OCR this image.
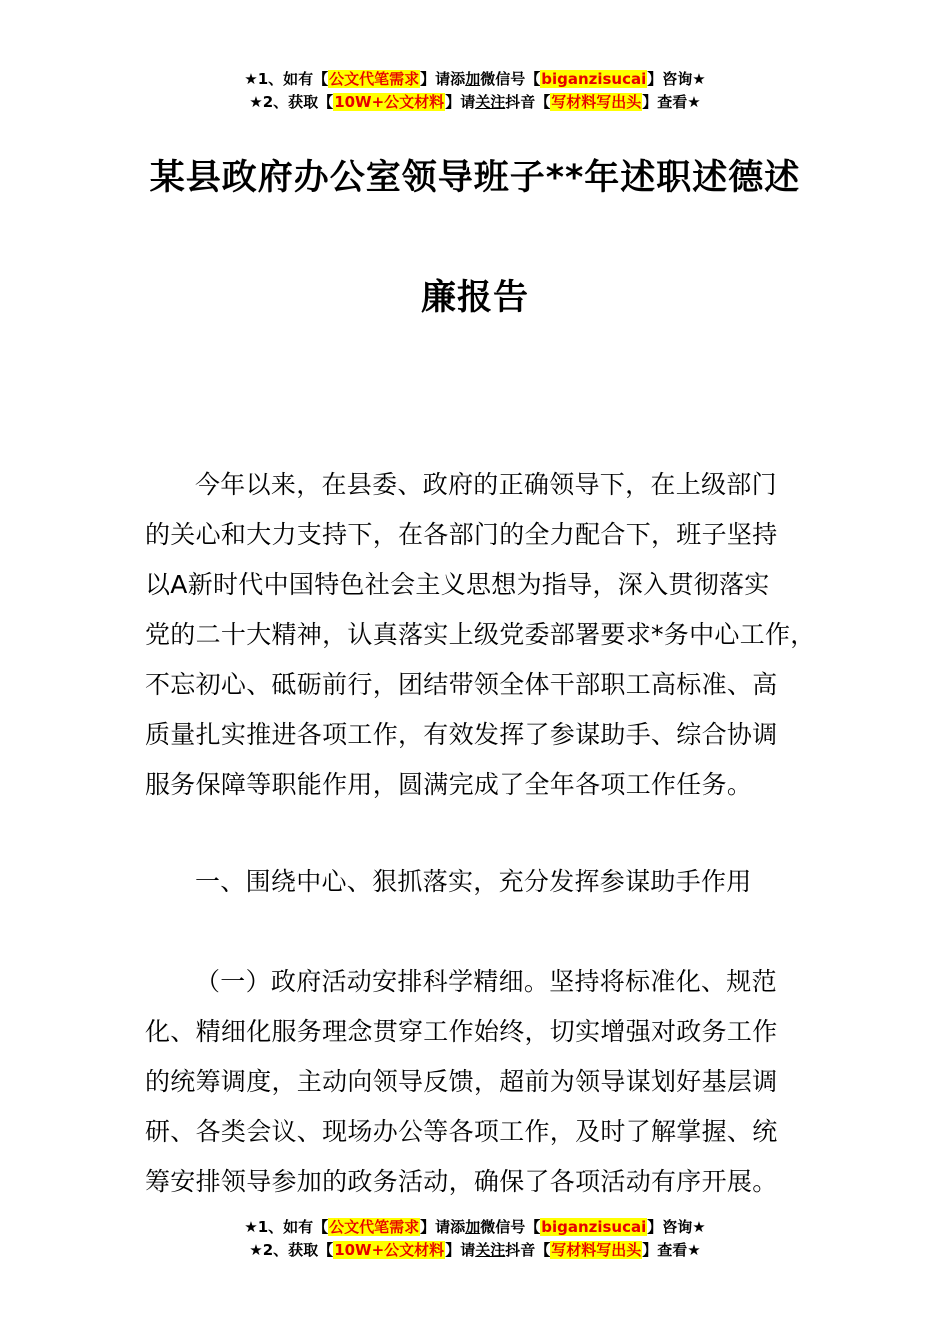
★1、如有【公文代笔需求】请添加微信号【biganzisucai】咨询★
★2、获取【10W+公文材料】请关注抖音【写材料写出头】查看★
某县政府办公室领导班子**年述职述德述
廉报告
今年以来，在县委、政府的正确领导下，在上级部门
的关心和大力支持下，在各部门的全力配合下，班子坚持
以A新时代中国特色社会主义思想为指导，深入贯彻落实
党的二十大精神，认真落实上级党委部署要求*务中心工作，
不忘初心、砥砺前行，团结带领全体干部职工高标准、高
质量扎实推进各项工作，有效发挥了参谋助手、综合协调
服务保障等职能作用，圆满完成了全年各项工作任务。
一、围绕中心、狠抓落实，充分发挥参谋助手作用
（一）政府活动安排科学精细。坚持将标准化、规范
化、精细化服务理念贯穿工作始终，切实增强对政务工作
的统筹调度，主动向领导反馈，超前为领导谋划好基层调
研、各类会议、现场办公等各项工作，及时了解掌握、统
筹安排领导参加的政务活动，确保了各项活动有序开展。
★1、如有【公文代笔需求】请添加微信号【biganzisucai】咨询★
★2、获取【10W+公文材料】请关注抖音【写材料写出头】查看★
